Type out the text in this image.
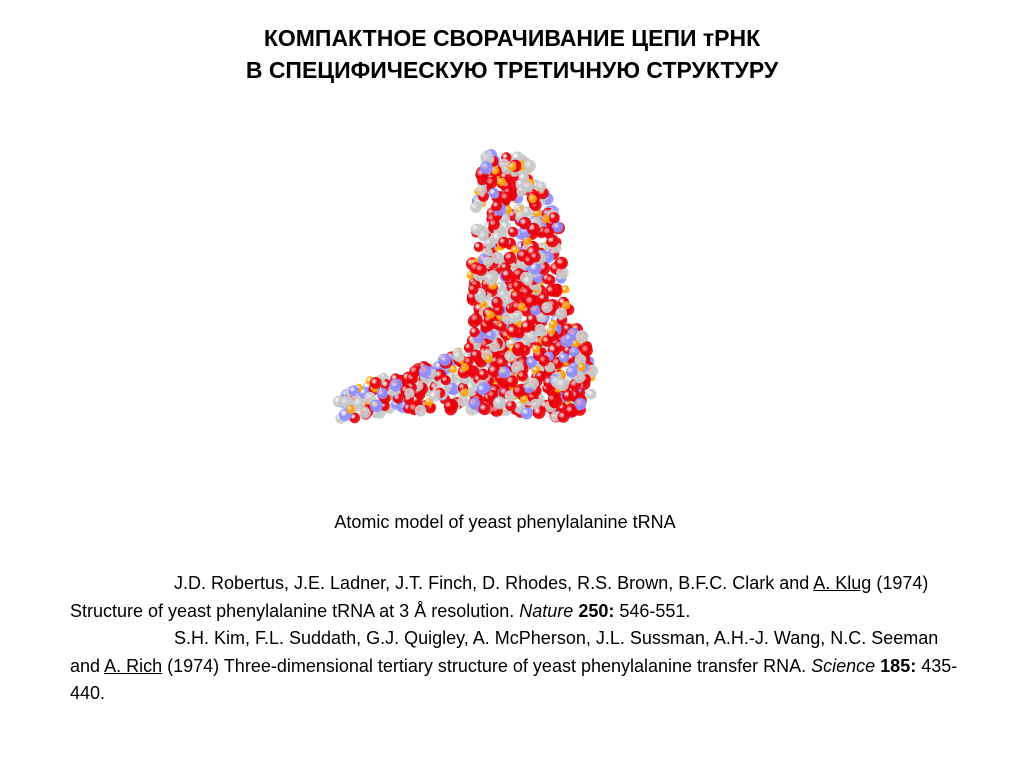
КОМПАКТНОЕ СВОРАЧИВАНИЕ ЦЕПИ тРНК
В СПЕЦИФИЧЕСКУЮ ТРЕТИЧНУЮ СТРУКТУРУ
Atomic model of yeast phenylalanine tRNA
J.D. Robertus, J.E. Ladner, J.T. Finch, D. Rhodes, R.S. Brown, B.F.C. Clark and A. Klug (1974) Structure of yeast phenylalanine tRNA at 3 Å resolution. Nature 250: 546-551.
S.H. Kim, F.L. Suddath, G.J. Quigley, A. McPherson, J.L. Sussman, A.H.-J. Wang, N.C. Seeman and A. Rich (1974) Three-dimensional tertiary structure of yeast phenylalanine transfer RNA. Science 185: 435-440.
